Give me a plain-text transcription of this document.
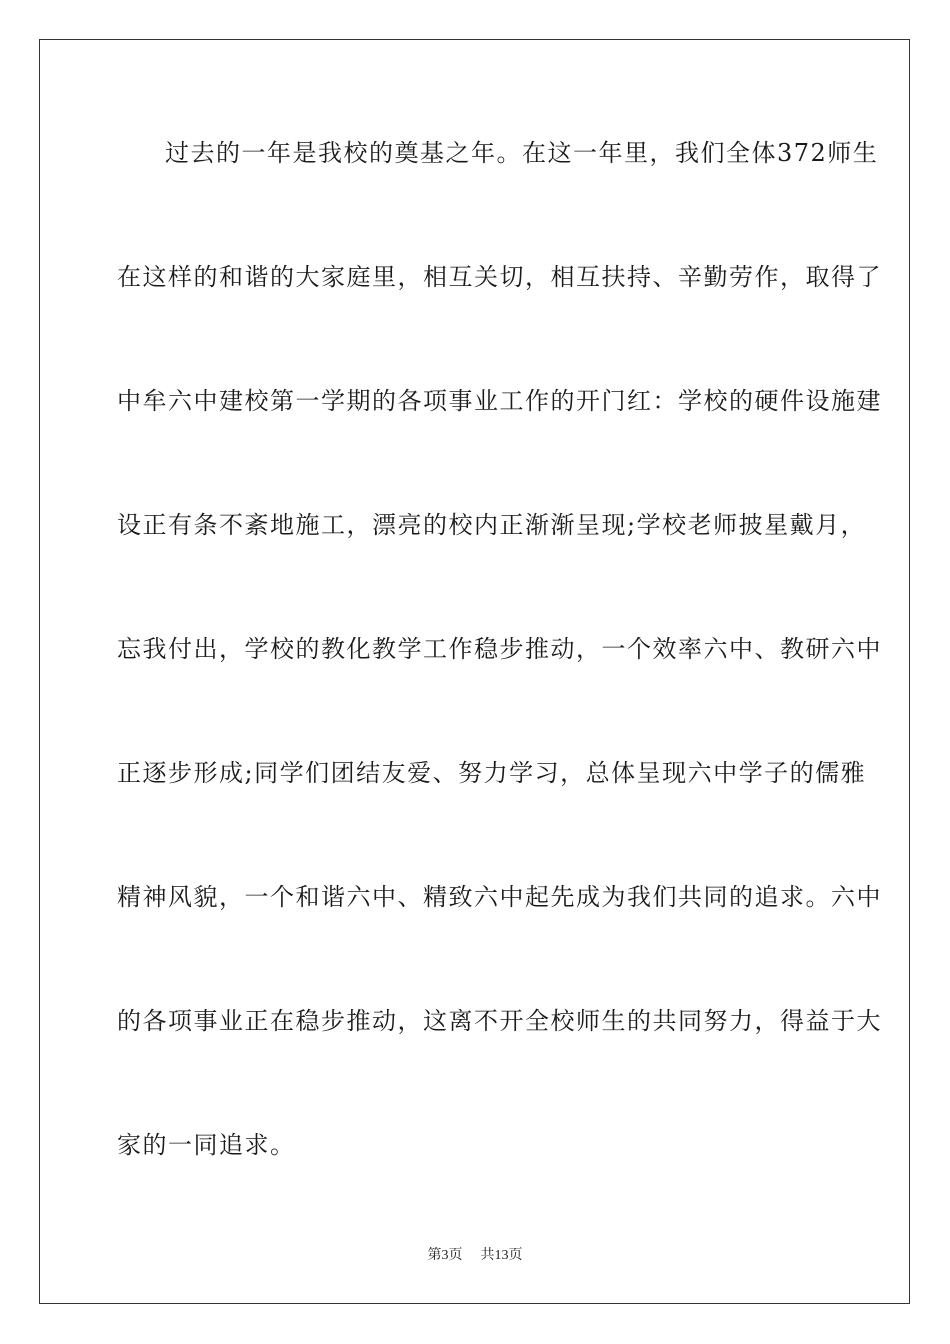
过去的一年是我校的奠基之年。在这一年里，我们全体372师生
在这样的和谐的大家庭里，相互关切，相互扶持、辛勤劳作，取得了
中牟六中建校第一学期的各项事业工作的开门红：学校的硬件设施建
设正有条不紊地施工，漂亮的校内正渐渐呈现;学校老师披星戴月，
忘我付出，学校的教化教学工作稳步推动，一个效率六中、教研六中
正逐步形成;同学们团结友爱、努力学习，总体呈现六中学子的儒雅
精神风貌，一个和谐六中、精致六中起先成为我们共同的追求。六中
的各项事业正在稳步推动，这离不开全校师生的共同努力，得益于大
家的一同追求。
第3页 共13页
